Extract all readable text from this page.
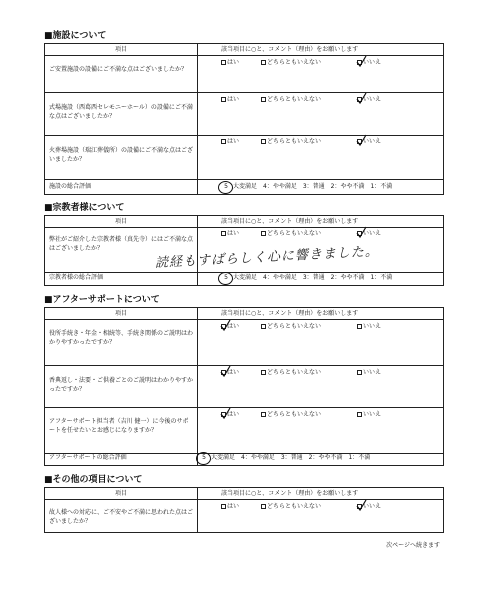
■施設について
項目	該当項目に○と、コメント（理由）をお願いします
ご安置施設の設備にご不満な点はございましたか？
はい	どちらともいえない	いいえ
式場施設（西葛西セレモニーホール）の設備にご不満な点はございましたか？
はい	どちらともいえない	いいえ
火葬場施設（瑞江葬儀所）の設備にご不満な点はございましたか？
はい	どちらともいえない	いいえ
施設の総合評価	5 大変満足　4：やや満足　3：普通　2：やや不満　1：不満
■宗教者様について
項目	該当項目に○と、コメント（理由）をお願いします
弊社がご紹介した宗教者様（真先寺）にはご不満な点はございましたか？
はい	どちらともいえない	いいえ
読経もすばらしく心に響きました。
宗教者様の総合評価	5 大変満足　4：やや満足　3：普通　2：やや不満　1：不満
■アフターサポートについて
項目	該当項目に○と、コメント（理由）をお願いします
役所手続き・年金・相続等、手続き関係のご説明はわかりやすかったですか？
はい	どちらともいえない	いいえ
香典返し・法要・ご供養ごとのご説明はわかりやすかったですか？
はい	どちらともいえない	いいえ
アフターサポート担当者（吉川 健一）に今後のサポートを任せたいとお感じになりますか？
はい	どちらともいえない	いいえ
アフターサポートの総合評価	5 大変満足　4：やや満足　3：普通　2：やや不満　1：不満
■その他の項目について
項目	該当項目に○と、コメント（理由）をお願いします
故人様への対応に、ご不安やご不満に思われた点はございましたか？
はい	どちらともいえない	いいえ
次ページへ続きます
